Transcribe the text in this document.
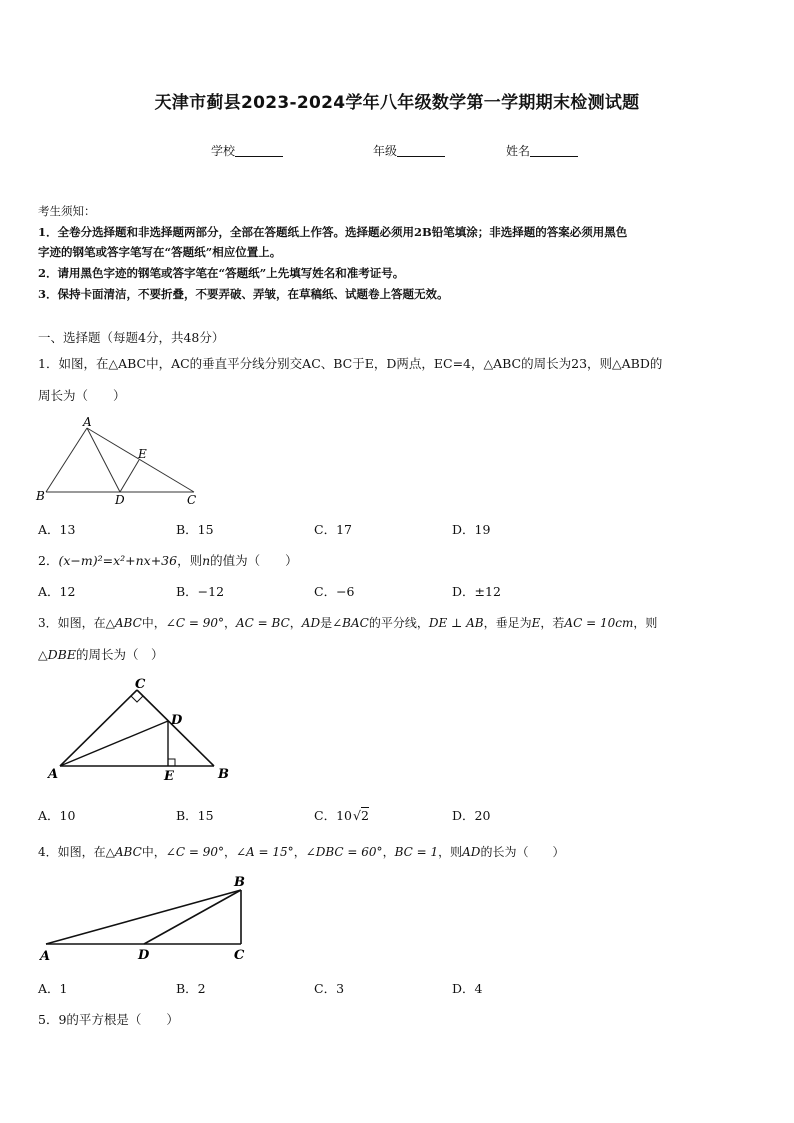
天津市蓟县2023-2024学年八年级数学第一学期期末检测试题
学校	年级	姓名
考生须知：
1．全卷分选择题和非选择题两部分，全部在答题纸上作答。选择题必须用2B铅笔填涂；非选择题的答案必须用黑色
字迹的钢笔或答字笔写在“答题纸”相应位置上。
2．请用黑色字迹的钢笔或答字笔在“答题纸”上先填写姓名和准考证号。
3．保持卡面清洁，不要折叠，不要弄破、弄皱，在草稿纸、试题卷上答题无效。
一、选择题（每题4分，共48分）
1．如图，在△ABC中，AC的垂直平分线分别交AC、BC于E，D两点，EC=4，△ABC的周长为23，则△ABD的
周长为（　　）
A
B	C
D
E
A．13	B．15	C．17	D．19
2．(x−m)²=x²+nx+36，则n的值为（　　）
A．12	B．−12	C．−6	D．±12
3．如图，在△ABC中，∠C = 90°，AC = BC，AD是∠BAC的平分线，DE ⊥ AB，垂足为E，若AC = 10cm，则
△DBE的周长为（　）
A	B
C
D
E
A．10	B．15	C．10√2	D．20
4．如图，在△ABC中，∠C = 90°，∠A = 15°，∠DBC = 60°，BC = 1，则AD的长为（　　）
A
B
C
D
A．1	B．2	C．3	D．4
5．9的平方根是（　　）
